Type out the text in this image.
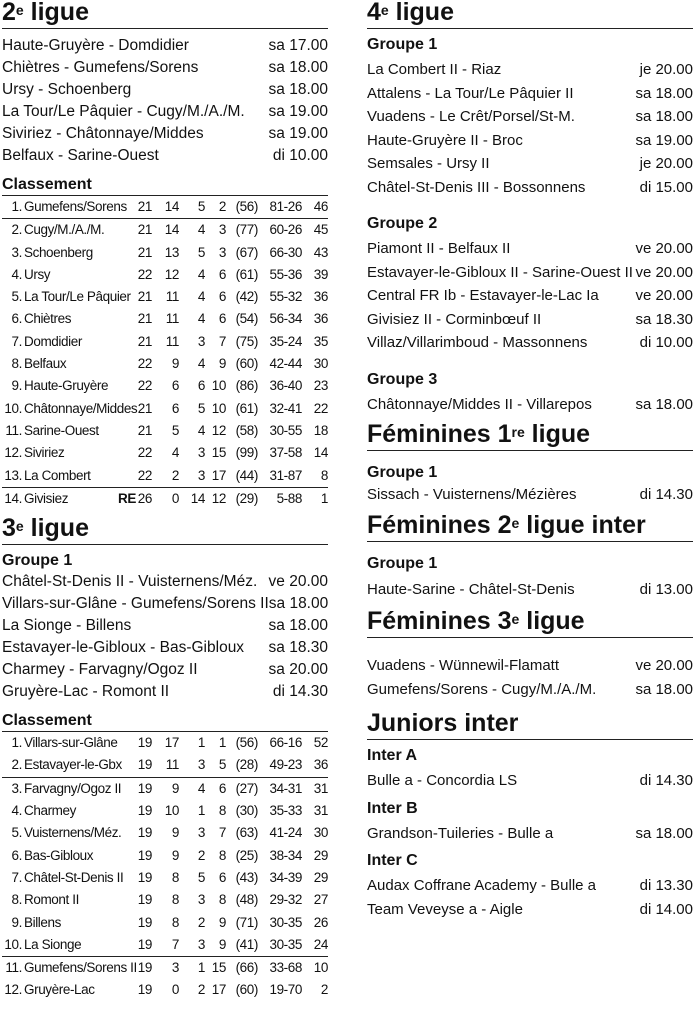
2e ligue
Haute-Gruyère - Domdidier	sa 17.00
Chiètres - Gumefens/Sorens	sa 18.00
Ursy - Schoenberg	sa 18.00
La Tour/Le Pâquier - Cugy/M./A./M. sa 19.00
Siviriez - Châtonnaye/Middes	sa 19.00
Belfaux - Sarine-Ouest	di 10.00
Classement
1. Gumefens/Sorens 21 14 5 2 (56) 81-26 46
2. Cugy/M./A./M. 21 14 4 3 (77) 60-26 45
3. Schoenberg	21 13 5 3 (67) 66-30 43
4. Ursy	22 12 4 6 (61) 55-36 39
5. La Tour/Le Pâquier 21 11 4 6 (42) 55-32 36
6. Chiètres	21 11 4 6 (54) 56-34 36
7. Domdidier	21 11 3 7 (75) 35-24 35
8. Belfaux	22 9 4 9 (60) 42-44 30
9. Haute-Gruyère 22 6 6 10 (86) 36-40 23
10. Châtonnaye/Middes 21 6 5 10 (61) 32-41 22
11. Sarine-Ouest	21 5 4 12 (58) 30-55 18
12. Siviriez	22 4 3 15 (99) 37-58 14
13. La Combert	22 2 3 17 (44) 31-87 8
14. Givisiez	RE 26 0 14 12 (29) 5-88 1
3e ligue
Groupe 1
Châtel-St-Denis II - Vuisternens/Méz. ve 20.00
Villars-sur-Glâne - Gumefens/Sorens II sa 18.00
La Sionge - Billens	sa 18.00
Estavayer-le-Gibloux - Bas-Gibloux sa 18.30
Charmey - Farvagny/Ogoz II	sa 20.00
Gruyère-Lac - Romont II	di 14.30
Classement
1. Villars-sur-Glâne 19 17 1 1 (56) 66-16 52
2. Estavayer-le-Gbx 19 11 3 5 (28) 49-23 36
3. Farvagny/Ogoz II 19 9 4 6 (27) 34-31 31
4. Charmey	19 10 1 8 (30) 35-33 31
5. Vuisternens/Méz. 19 9 3 7 (63) 41-24 30
6. Bas-Gibloux	19 9 2 8 (25) 38-34 29
7. Châtel-St-Denis II 19 8 5 6 (43) 34-39 29
8. Romont II	19 8 3 8 (48) 29-32 27
9. Billens	19 8 2 9 (71) 30-35 26
10. La Sionge	19 7 3 9 (41) 30-35 24
11. Gumefens/Sorens II 19 3 1 15 (66) 33-68 10
12. Gruyère-Lac	19 0 2 17 (60) 19-70 2
4e ligue
Groupe 1
La Combert II - Riaz	je 20.00
Attalens - La Tour/Le Pâquier II	sa 18.00
Vuadens - Le Crêt/Porsel/St-M.	sa 18.00
Haute-Gruyère II - Broc	sa 19.00
Semsales - Ursy II	je 20.00
Châtel-St-Denis III - Bossonnens	di 15.00
Groupe 2
Piamont II - Belfaux II	ve 20.00
Estavayer-le-Gibloux II - Sarine-Ouest II ve 20.00
Central FR Ib - Estavayer-le-Lac Ia ve 20.00
Givisiez II - Corminbœuf II	sa 18.30
Villaz/Villarimboud - Massonnens	di 10.00
Groupe 3
Châtonnaye/Middes II - Villarepos	sa 18.00
Féminines 1re ligue
Groupe 1
Sissach - Vuisternens/Mézières	di 14.30
Féminines 2e ligue inter
Groupe 1
Haute-Sarine - Châtel-St-Denis	di 13.00
Féminines 3e ligue
Vuadens - Wünnewil-Flamatt	ve 20.00
Gumefens/Sorens - Cugy/M./A./M.	sa 18.00
Juniors inter
Inter A
Bulle a - Concordia LS	di 14.30
Inter B
Grandson-Tuileries - Bulle a	sa 18.00
Inter C
Audax Coffrane Academy - Bulle a	di 13.30
Team Veveyse a - Aigle	di 14.00
